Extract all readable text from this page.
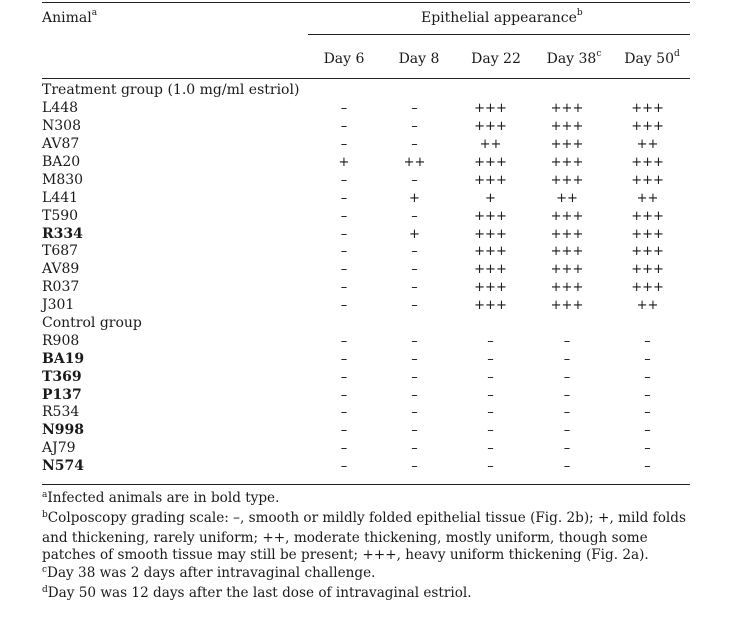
Animal$^a$	Epithelial appearance$^b$
Day 6	Day 8	Day 22	Day 38$^c$	Day 50$^d$
Treatment group (1.0 mg/ml estriol)					
L448	–	–	+++	+++	+++
N308	–	–	+++	+++	+++
AV87	–	–	++	+++	++
BA20	+	++	+++	+++	+++
M830	–	–	+++	+++	+++
L441	–	+	+	++	++
T590	–	–	+++	+++	+++
R334	–	+	+++	+++	+++
T687	–	–	+++	+++	+++
AV89	–	–	+++	+++	+++
R037	–	–	+++	+++	+++
J301	–	–	+++	+++	++
Control group					
R908	–	–	–	–	–
BA19	–	–	–	–	–
T369	–	–	–	–	–
P137	–	–	–	–	–
R534	–	–	–	–	–
N998	–	–	–	–	–
AJ79	–	–	–	–	–
N574	–	–	–	–	–
$^a$Infected animals are in bold type.
$^b$Colposcopy grading scale: –, smooth or mildly folded epithelial tissue (Fig. 2b); +, mild folds and thickening, rarely uniform; ++, moderate thickening, mostly uniform, though some patches of smooth tissue may still be present; +++, heavy uniform thickening (Fig. 2a).
$^c$Day 38 was 2 days after intravaginal challenge.
$^d$Day 50 was 12 days after the last dose of intravaginal estriol.
